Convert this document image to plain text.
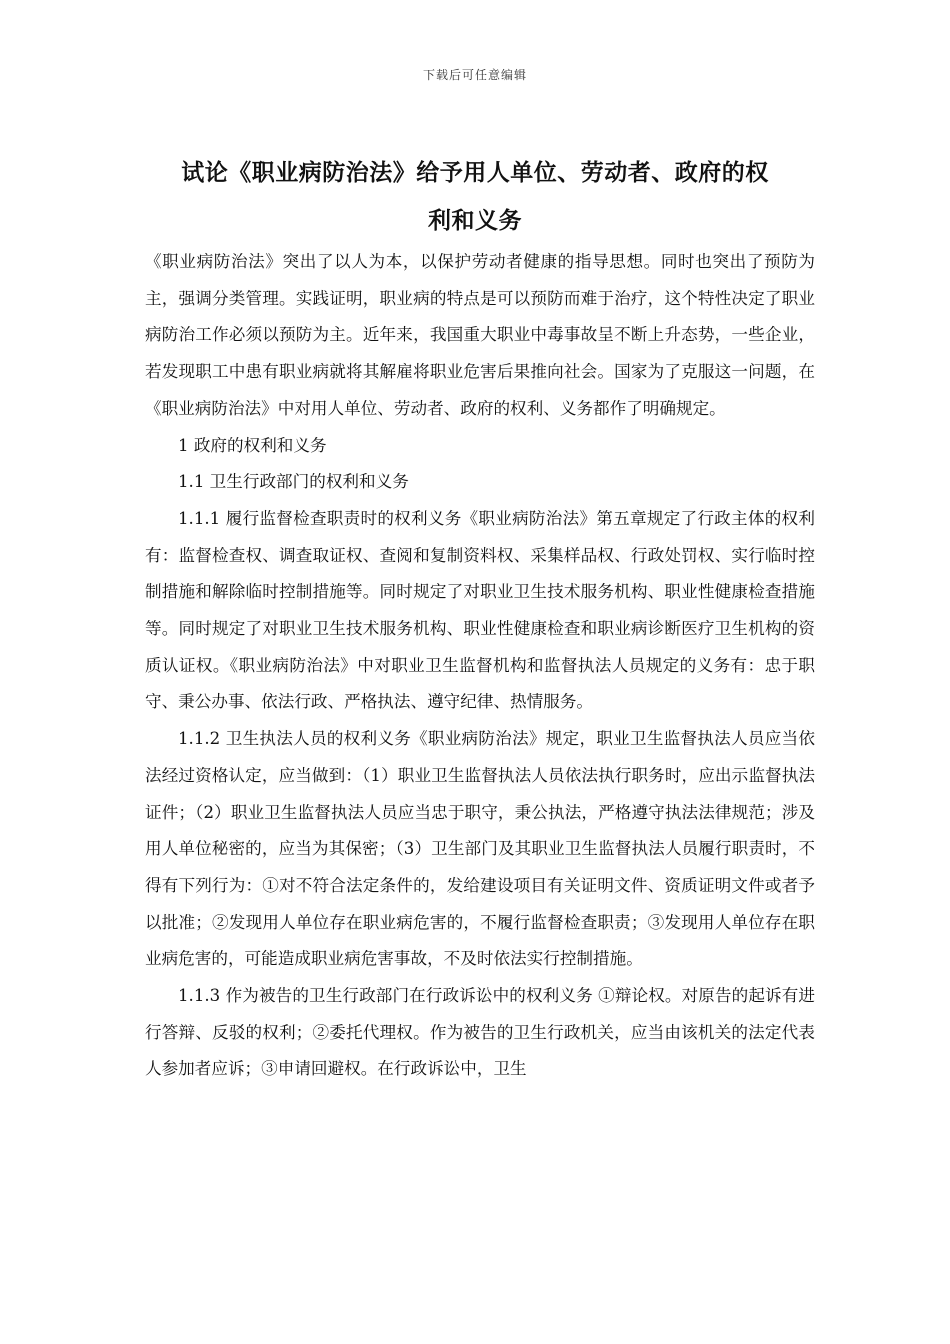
下载后可任意编辑
试论《职业病防治法》给予用人单位、劳动者、政府的权
利和义务

《职业病防治法》突出了以人为本，以保护劳动者健康的指导思想。同时也突出了预防为主，强调分类管理。实践证明，职业病的特点是可以预防而难于治疗，这个特性决定了职业病防治工作必须以预防为主。近年来，我国重大职业中毒事故呈不断上升态势，一些企业，若发现职工中患有职业病就将其解雇将职业危害后果推向社会。国家为了克服这一问题，在《职业病防治法》中对用人单位、劳动者、政府的权利、义务都作了明确规定。

1 政府的权利和义务

1.1 卫生行政部门的权利和义务

1.1.1 履行监督检查职责时的权利义务《职业病防治法》第五章规定了行政主体的权利有：监督检查权、调查取证权、查阅和复制资料权、采集样品权、行政处罚权、实行临时控制措施和解除临时控制措施等。同时规定了对职业卫生技术服务机构、职业性健康检查措施等。同时规定了对职业卫生技术服务机构、职业性健康检查和职业病诊断医疗卫生机构的资质认证权。《职业病防治法》中对职业卫生监督机构和监督执法人员规定的义务有：忠于职守、秉公办事、依法行政、严格执法、遵守纪律、热情服务。

1.1.2 卫生执法人员的权利义务《职业病防治法》规定，职业卫生监督执法人员应当依法经过资格认定，应当做到：（1）职业卫生监督执法人员依法执行职务时，应出示监督执法证件；（2）职业卫生监督执法人员应当忠于职守，秉公执法，严格遵守执法法律规范；涉及用人单位秘密的，应当为其保密；（3）卫生部门及其职业卫生监督执法人员履行职责时，不得有下列行为：①对不符合法定条件的，发给建设项目有关证明文件、资质证明文件或者予以批准；②发现用人单位存在职业病危害的，不履行监督检查职责；③发现用人单位存在职业病危害的，可能造成职业病危害事故，不及时依法实行控制措施。

1.1.3 作为被告的卫生行政部门在行政诉讼中的权利义务 ①辩论权。对原告的起诉有进行答辩、反驳的权利；②委托代理权。作为被告的卫生行政机关，应当由该机关的法定代表人参加者应诉；③申请回避权。在行政诉讼中，卫生
